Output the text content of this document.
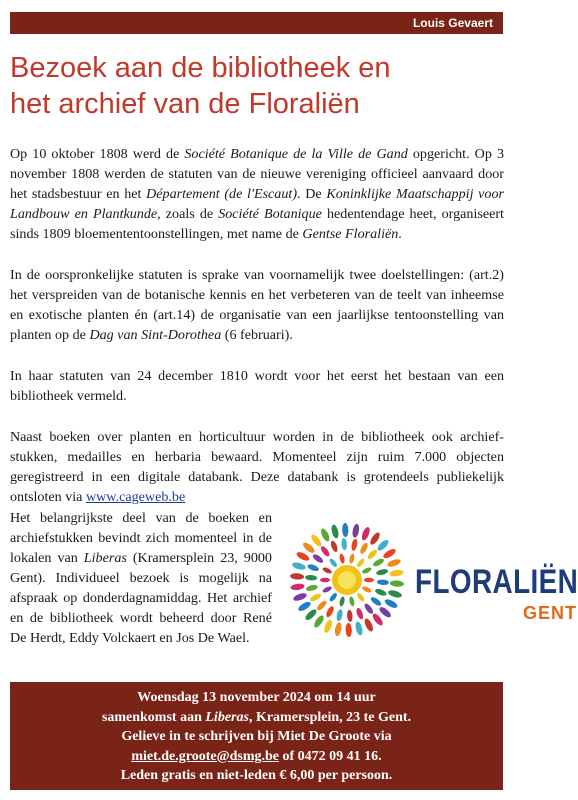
Louis Gevaert
Bezoek aan de bibliotheek en
het archief van de Floraliën

Op 10 oktober 1808 werd de Société Botanique de la Ville de Gand opgericht. Op 3 november 1808 werden de statuten van de nieuwe vereniging officieel aanvaard door het stadsbestuur en het Département (de l'Escaut). De Koninklijke Maatschappij voor Landbouw en Plantkunde, zoals de Société Botanique hedentendage heet, organiseert sinds 1809 bloemententoonstellingen, met name de Gentse Floraliën.

In de oorspronkelijke statuten is sprake van voornamelijk twee doelstellingen: (art.2) het verspreiden van de botanische kennis en het verbeteren van de teelt van inheemse en exotische planten én (art.14) de organisatie van een jaarlijkse tentoonstelling van planten op de Dag van Sint-Dorothea (6 februari).

In haar statuten van 24 december 1810 wordt voor het eerst het bestaan van een bibliotheek vermeld.

Naast boeken over planten en horticultuur worden in de bibliotheek ook archiefstukken, medailles en herbaria bewaard. Momenteel zijn ruim 7.000 objecten geregistreerd in een digitale databank. Deze databank is grotendeels publiekelijk ontsloten via www.cageweb.be

Het belangrijkste deel van de boeken en archiefstukken bevindt zich momenteel in de lokalen van Liberas (Kramersplein 23, 9000 Gent). Individueel bezoek is mogelijk na afspraak op donderdagnamiddag. Het archief en de bibliotheek wordt beheerd door René De Herdt, Eddy Volckaert en Jos De Wael.

FLORALIËN
GENT
Woensdag 13 november 2024 om 14 uur
samenkomst aan Liberas, Kramersplein, 23 te Gent.
Gelieve in te schrijven bij Miet De Groote via
miet.de.groote@dsmg.be of 0472 09 41 16.
Leden gratis en niet-leden € 6,00 per persoon.
